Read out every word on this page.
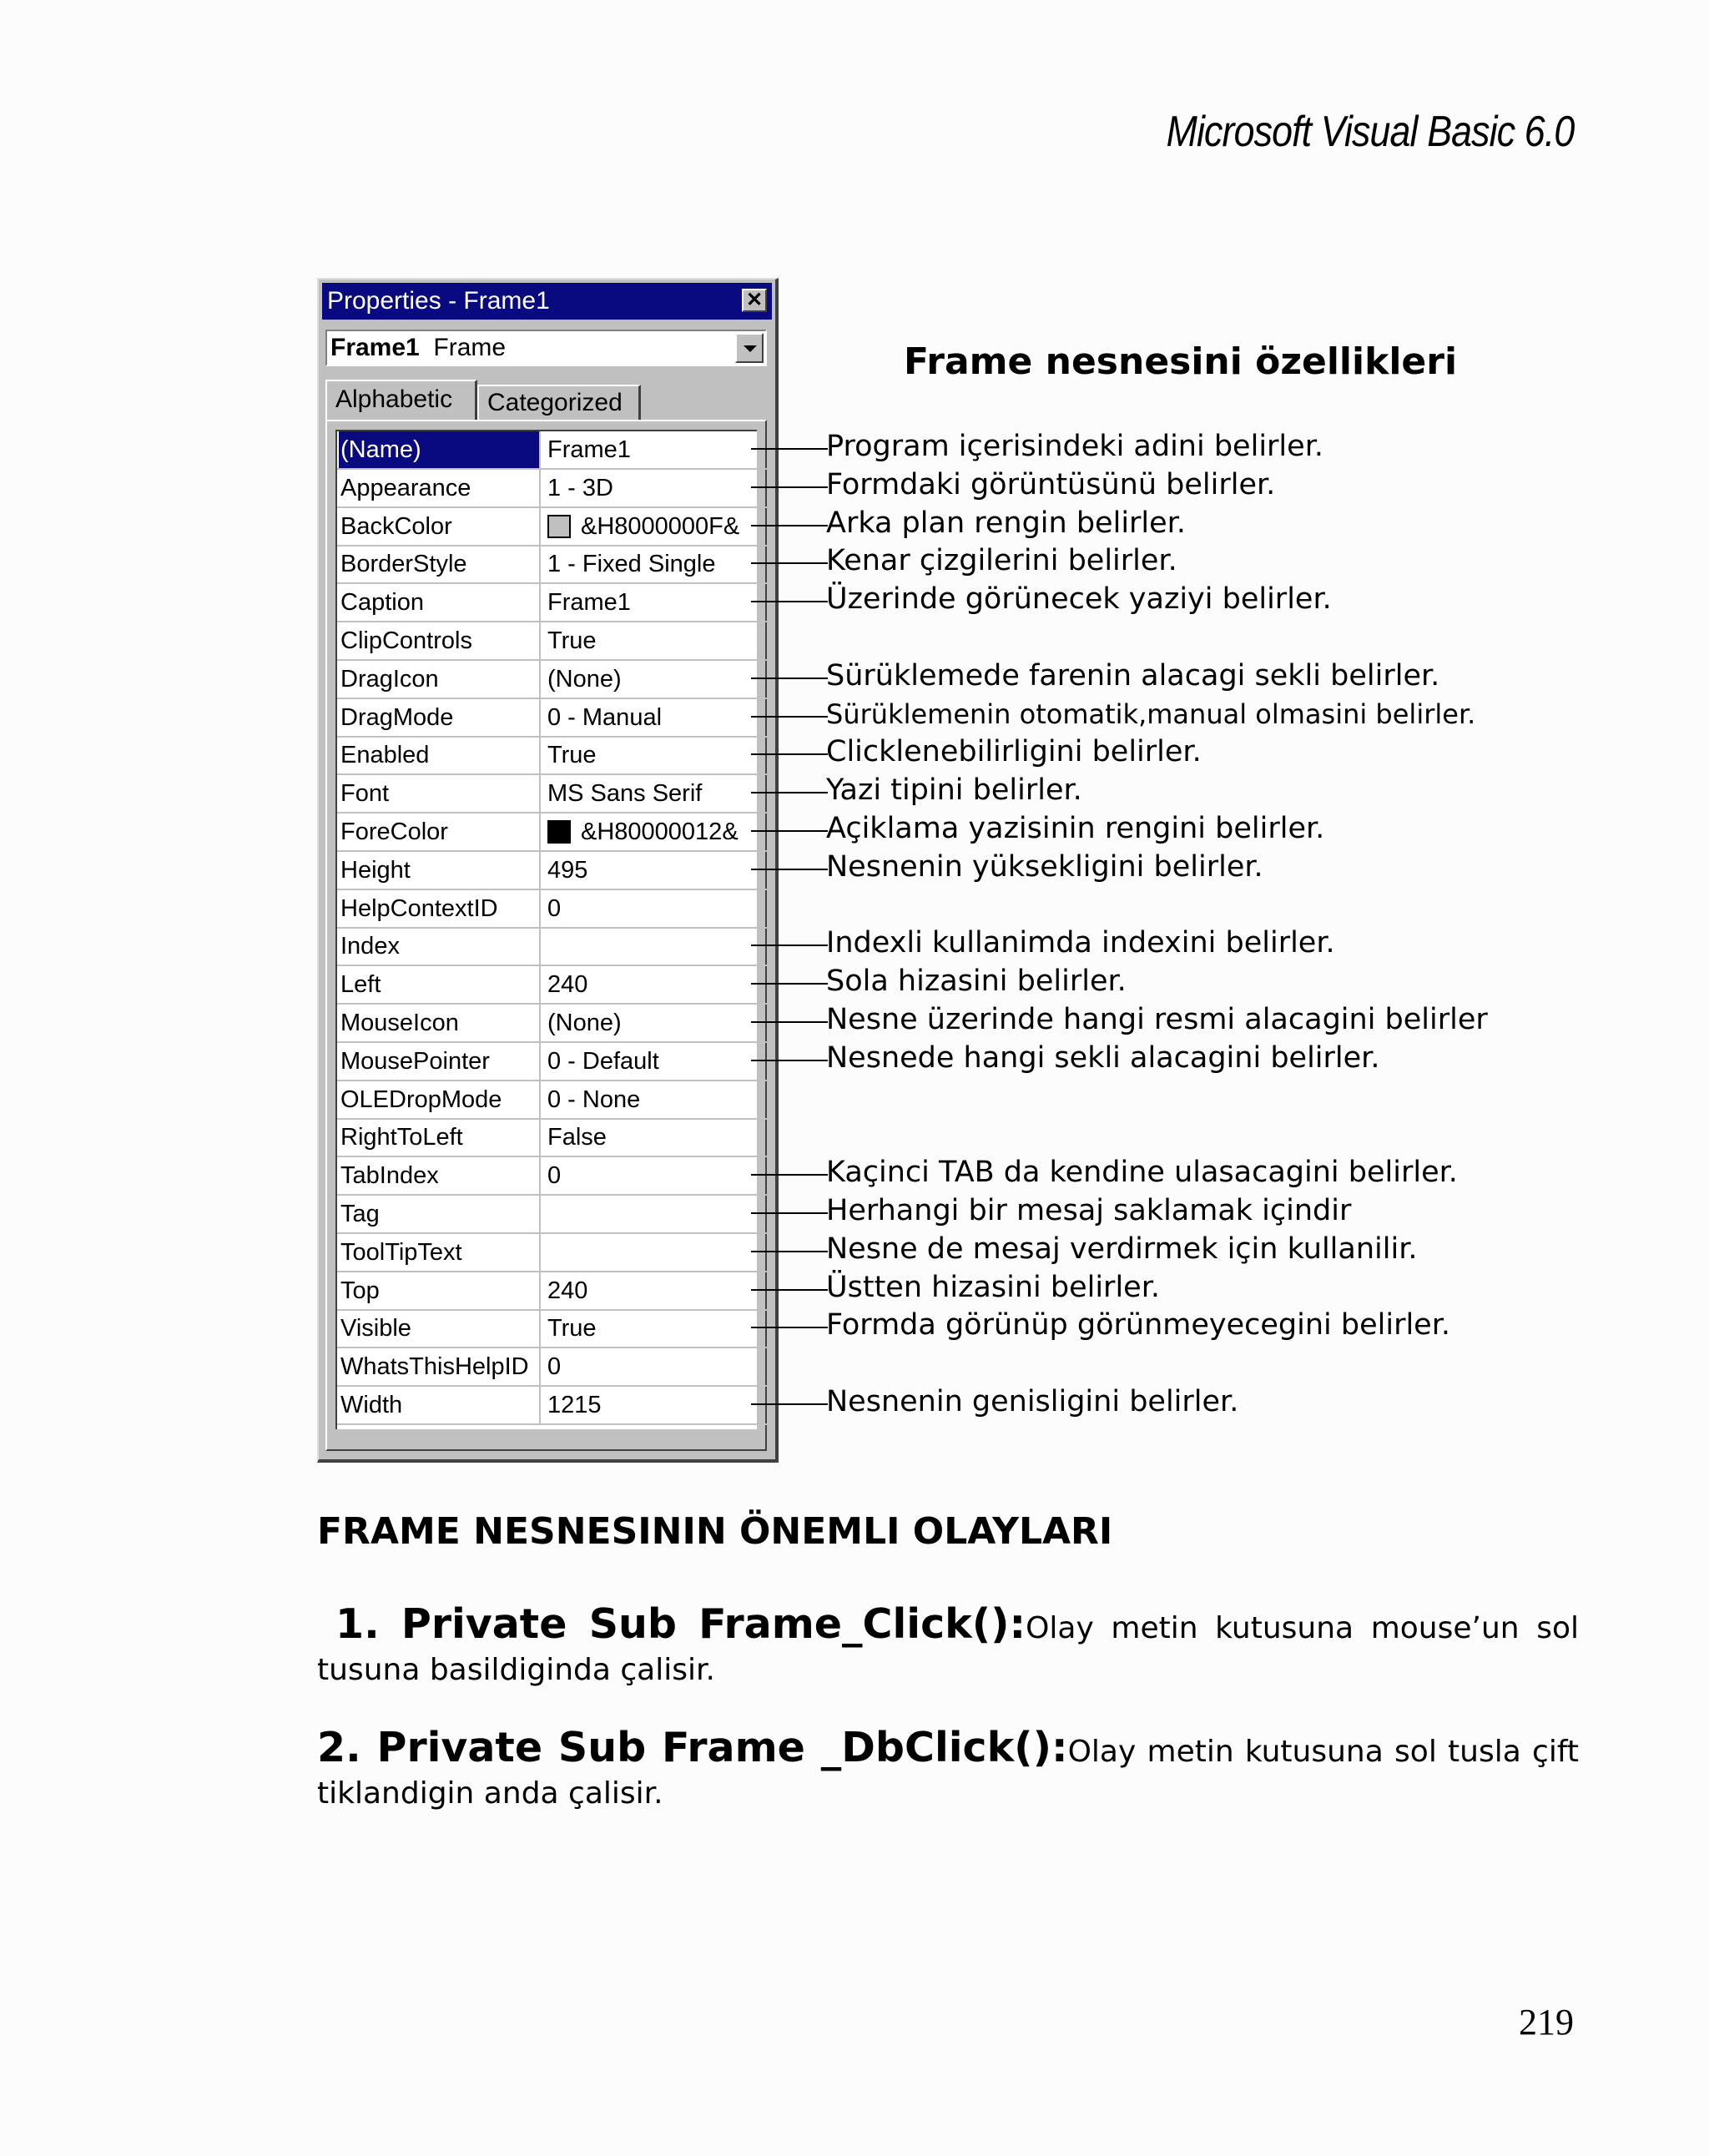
Microsoft Visual Basic 6.0
Properties - Frame1	✕
Frame1 Frame
Alphabetic	Categorized
(Name)	Frame1
Appearance	1 - 3D
BackColor	&H8000000F&
BorderStyle	1 - Fixed Single
Caption	Frame1
ClipControls	True
DragIcon	(None)
DragMode	0 - Manual
Enabled	True
Font	MS Sans Serif
ForeColor	&H80000012&
Height	495
HelpContextID	0
Index
Left	240
MouseIcon	(None)
MousePointer	0 - Default
OLEDropMode	0 - None
RightToLeft	False
TabIndex	0
Tag
ToolTipText
Top	240
Visible	True
WhatsThisHelpID 0
Width	1215
Frame nesnesini özellikleri
Program içerisindeki adini belirler.
Formdaki görüntüsünü belirler.
Arka plan rengin belirler.
Kenar çizgilerini belirler.
Üzerinde görünecek yaziyi belirler.
Sürüklemede farenin alacagi sekli belirler.
Sürüklemenin otomatik,manual olmasini belirler.
Clicklenebilirligini belirler.
Yazi tipini belirler.
Açiklama yazisinin rengini belirler.
Nesnenin yüksekligini belirler.
Indexli kullanimda indexini belirler.
Sola hizasini belirler.
Nesne üzerinde hangi resmi alacagini belirler
Nesnede hangi sekli alacagini belirler.
Kaçinci TAB da kendine ulasacagini belirler.
Herhangi bir mesaj saklamak içindir
Nesne de mesaj verdirmek için kullanilir.
Üstten hizasini belirler.
Formda görünüp görünmeyecegini belirler.
Nesnenin genisligini belirler.
FRAME NESNESININ ÖNEMLI OLAYLARI
1. Private Sub Frame_Click():Olay metin kutusuna mouse’un sol tusuna basildiginda çalisir.
2. Private Sub Frame _DbClick():Olay metin kutusuna sol tusla çift tiklandigin anda çalisir.
219
